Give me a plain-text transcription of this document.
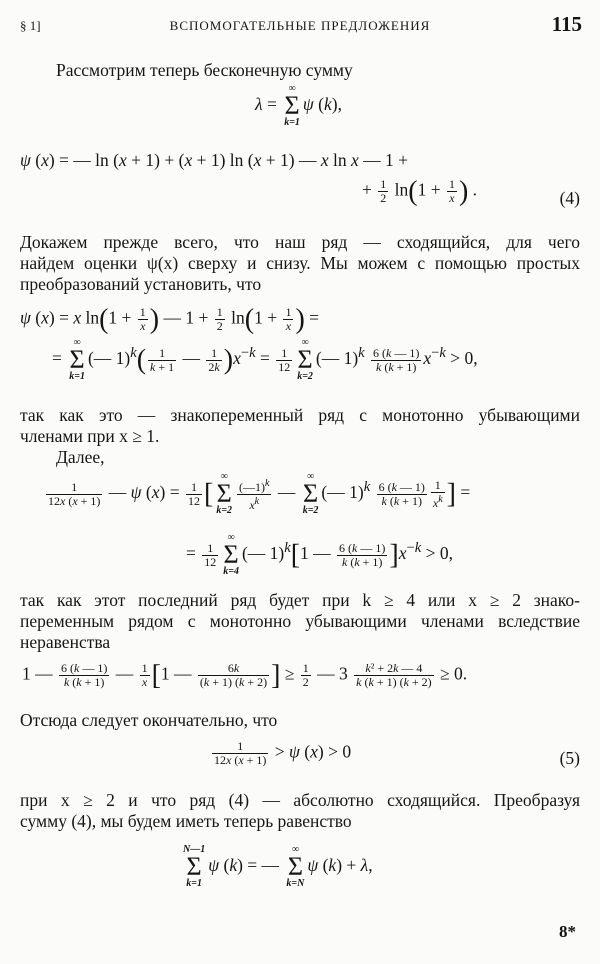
§ 1]	ВСПОМОГАТЕЛЬНЫЕ ПРЕДЛОЖЕНИЯ	115
Рассмотрим теперь бесконечную сумму
λ =
∞
Σ
k=1
ψ (k),
ψ (x) = — ln (x + 1) + (x + 1) ln (x + 1) — x ln x — 1 +
+ $\frac{1}{2} \ln(1 + \frac{1}{x}$ ) .	(4)
Докажем прежде всего, что наш ряд — сходящийся, для чего
найдем оценки ψ(x) сверху и снизу. Мы можем с помощью простых
преобразований установить, что
ψ (x) = x $\ln(1 + \frac{1}{x}$ ) — $1 + \frac{1}{2} \ln(1 + \frac{1}{x}$ ) =
=
∞
Σ
k=1
(— $1)^k( \frac{1}{k + 1}$ — $\frac{1}{2k} )x^{-k} = \frac{1}{12}$
∞
Σ
k=2
(— $1)^k \frac{6 (k — 1)}{k (k + 1)} x^{-k} > 0$,
так как это — знакопеременный ряд с монотонно убывающими
членами при x ≥ 1.
Далее,
$\frac{1}{12x (x + 1)}$ — ψ $(x) = \frac{1}{12}$ [
∞
Σ
$k=2 \frac{(—1)^k}{x^k}$ —
∞
Σ
k=2
(— $1)^k \frac{6 (k — 1)}{k (k + 1)} \frac{1}{x^k}$ ] =
= $\frac{1}{12}$
∞
Σ
k=4
(— 1)$^k$[1 — $\frac{6 (k — 1)}{k (k + 1)} ]x^{-k} > 0$,
так как этот последний ряд будет при k ≥ 4 или x ≥ 2 знако-
переменным рядом с монотонно убывающими членами вследствие
неравенства
1 — $\frac{6 (k — 1)}{k (k + 1)}$ — $\frac{1}{x} [1$ — $\frac{6k}{(k + 1) (k + 2)}$ ] ≥ $\frac{1}{2}$ — $3 \frac{\text{k² + 2k — 4}}{k (k + 1) (k + 2)} \ge 0$.
Отсюда следует окончательно, что
$\frac{1}{12x (x + 1)} > \psi$ (x) > 0	(5)
при x ≥ 2 и что ряд (4) — абсолютно сходящийся. Преобразуя
сумму (4), мы будем иметь теперь равенство
N—1
Σ
k=1
ψ (k) = —
∞
Σ
k=N
ψ (k) + λ,
8*
